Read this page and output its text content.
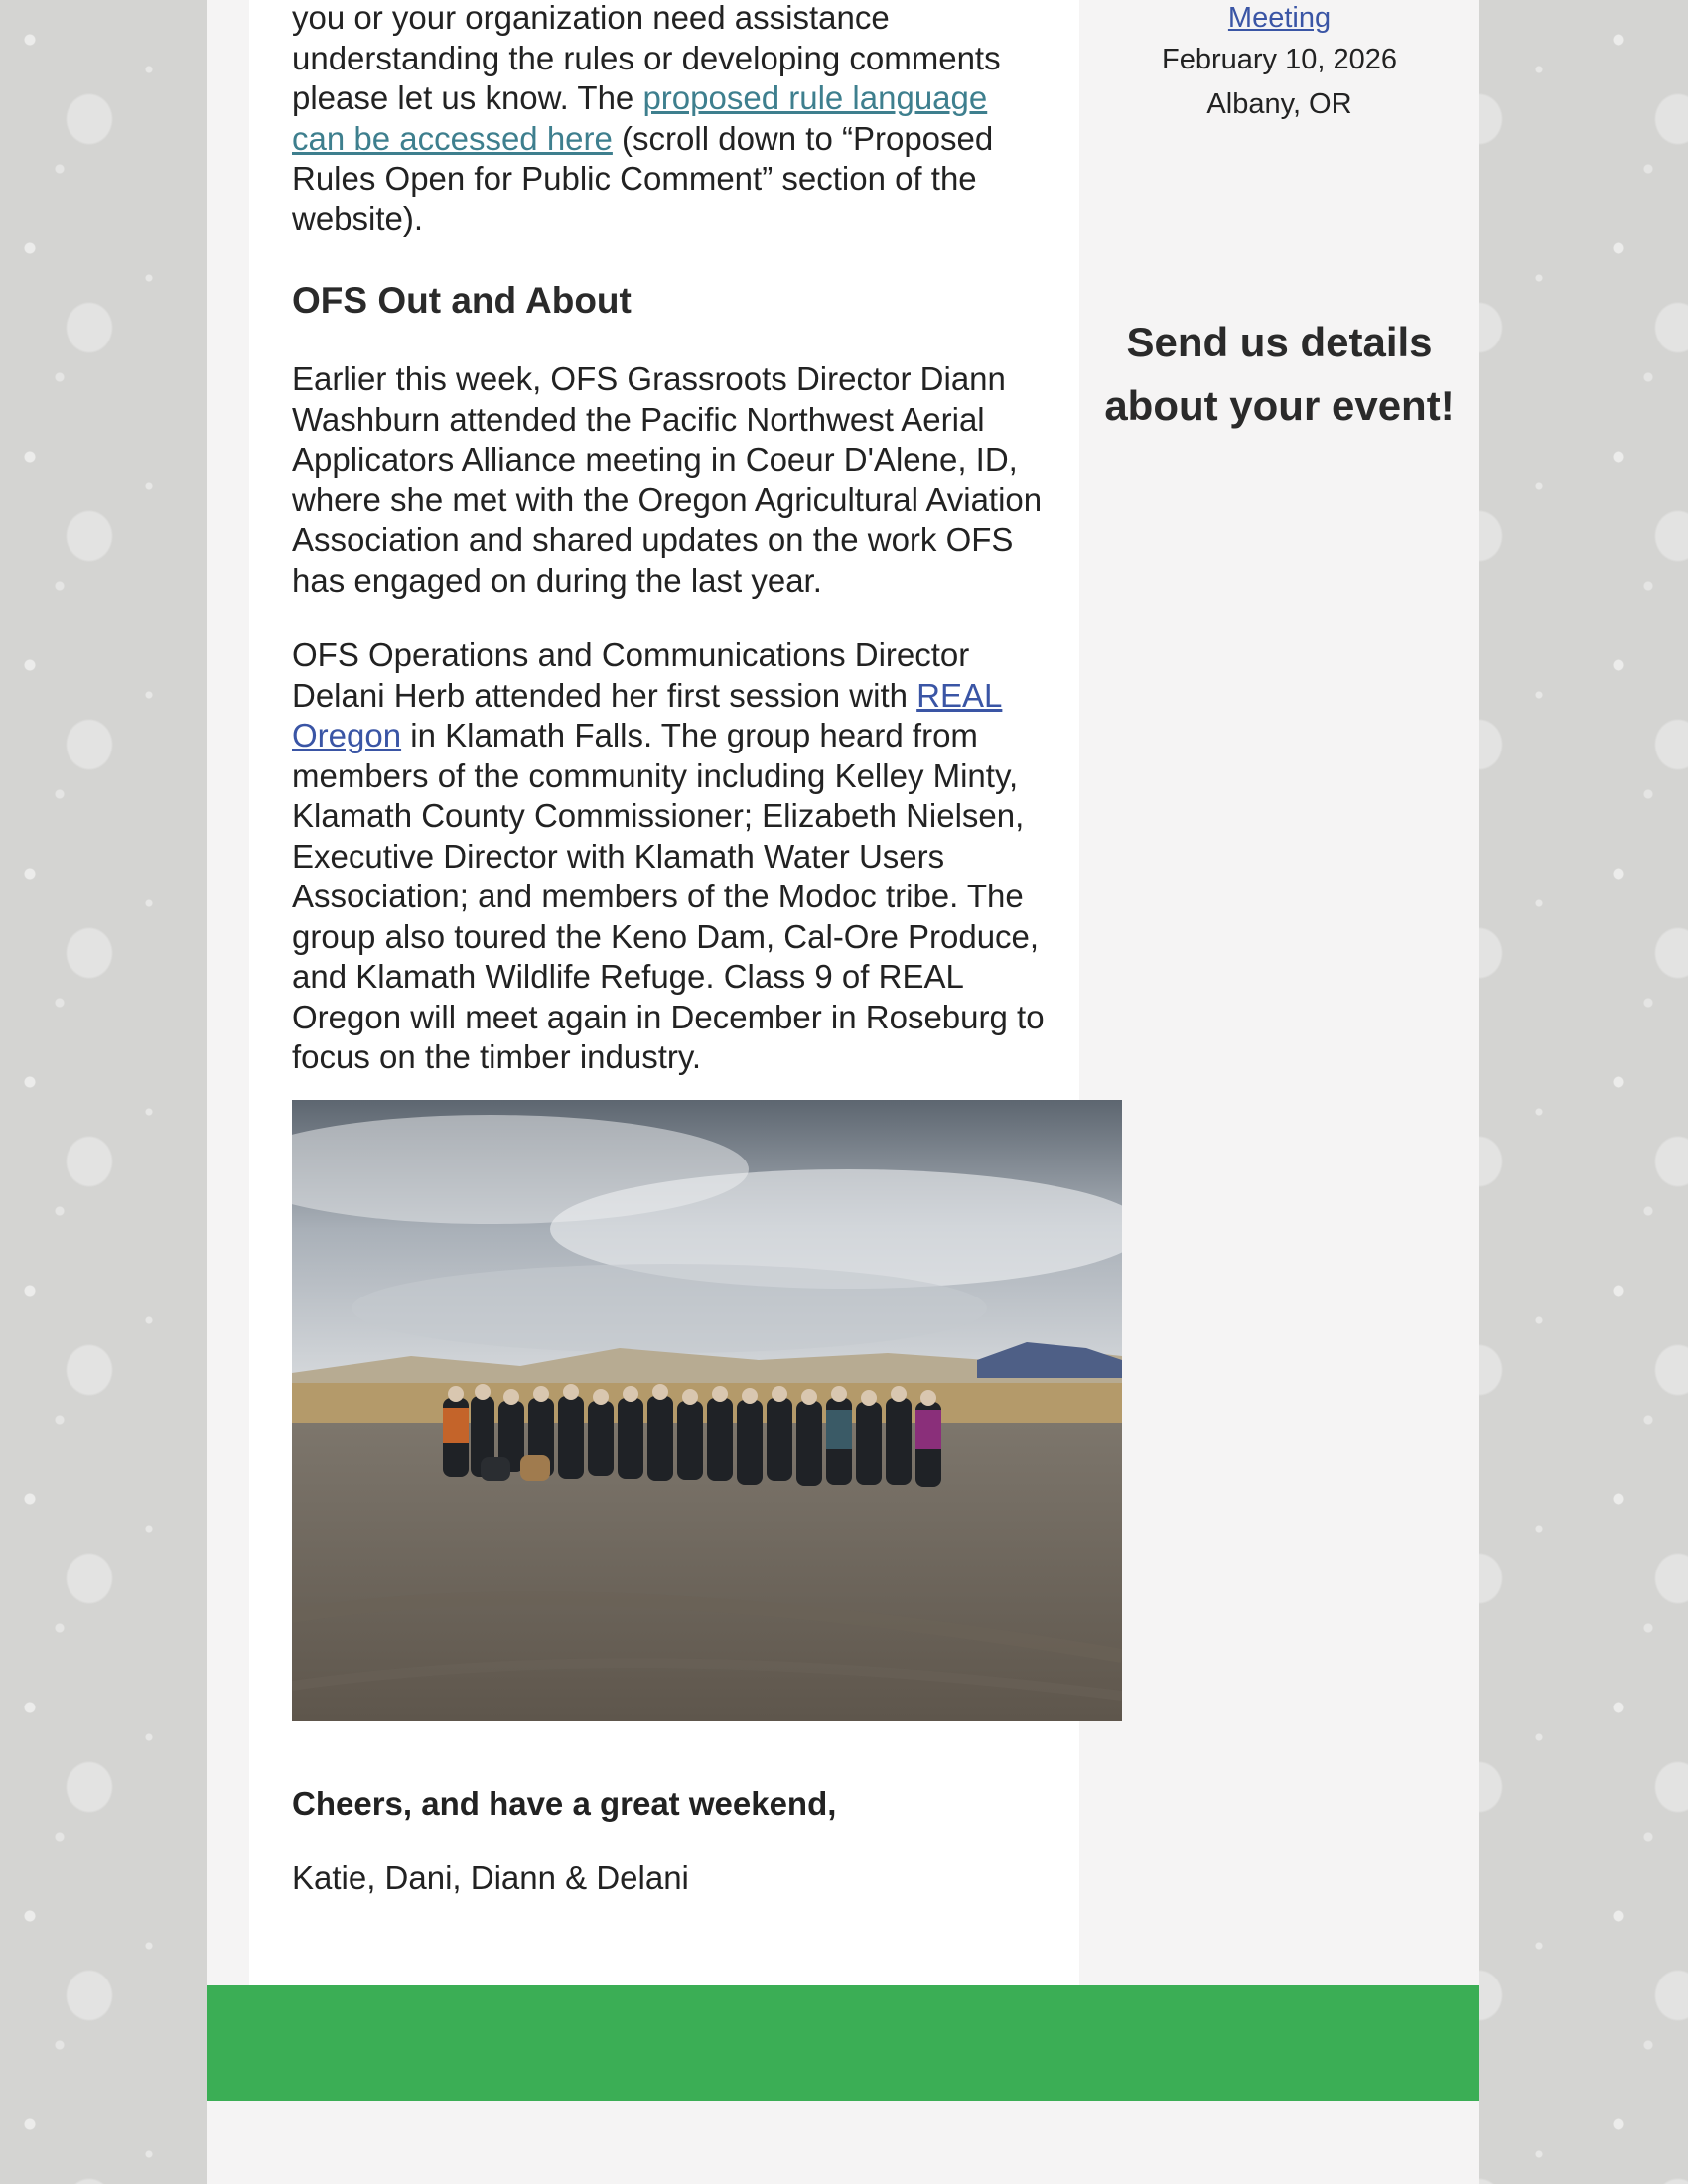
you or your organization need assistance understanding the rules or developing comments please let us know. The proposed rule language can be accessed here (scroll down to “Proposed Rules Open for Public Comment” section of the website).

OFS Out and About

Earlier this week, OFS Grassroots Director Diann Washburn attended the Pacific Northwest Aerial Applicators Alliance meeting in Coeur D'Alene, ID, where she met with the Oregon Agricultural Aviation Association and shared updates on the work OFS has engaged on during the last year.

OFS Operations and Communications Director Delani Herb attended her first session with REAL Oregon in Klamath Falls. The group heard from members of the community including Kelley Minty, Klamath County Commissioner; Elizabeth Nielsen, Executive Director with Klamath Water Users Association; and members of the Modoc tribe. The group also toured the Keno Dam, Cal-Ore Produce, and Klamath Wildlife Refuge. Class 9 of REAL Oregon will meet again in December in Roseburg to focus on the timber industry.

Cheers, and have a great weekend,

Katie, Dani, Diann & Delani

Meeting

February 10, 2026

Albany, OR

Send us details about your event!
